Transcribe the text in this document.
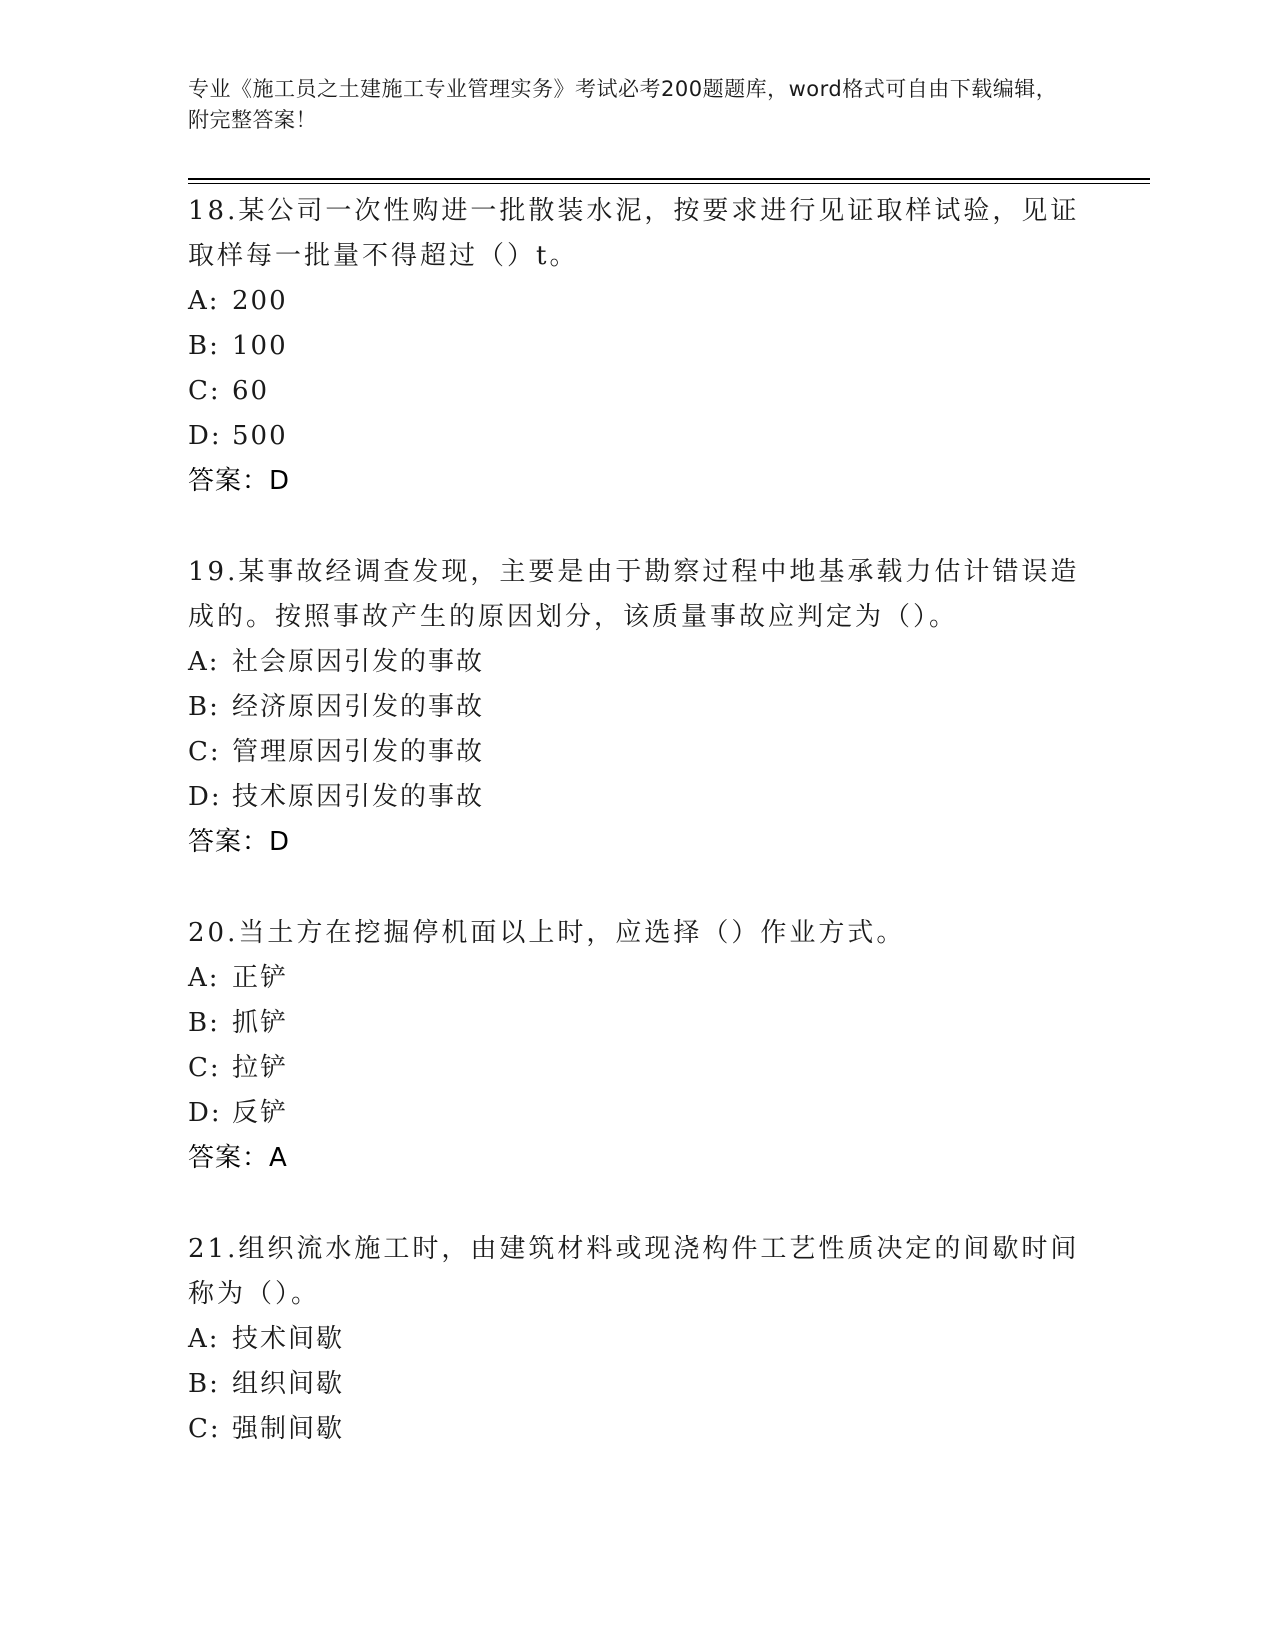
专业《施工员之土建施工专业管理实务》考试必考200题题库，word格式可自由下载编辑，附完整答案！
18.某公司一次性购进一批散装水泥，按要求进行见证取样试验，见证取样每一批量不得超过（）t。
A: 200
B: 100
C: 60
D: 500
答案：D
19.某事故经调查发现，主要是由于勘察过程中地基承载力估计错误造成的。按照事故产生的原因划分，该质量事故应判定为（）。
A: 社会原因引发的事故
B: 经济原因引发的事故
C: 管理原因引发的事故
D: 技术原因引发的事故
答案：D
20.当土方在挖掘停机面以上时，应选择（）作业方式。
A: 正铲
B: 抓铲
C: 拉铲
D: 反铲
答案：A
21.组织流水施工时，由建筑材料或现浇构件工艺性质决定的间歇时间称为（）。
A: 技术间歇
B: 组织间歇
C: 强制间歇
